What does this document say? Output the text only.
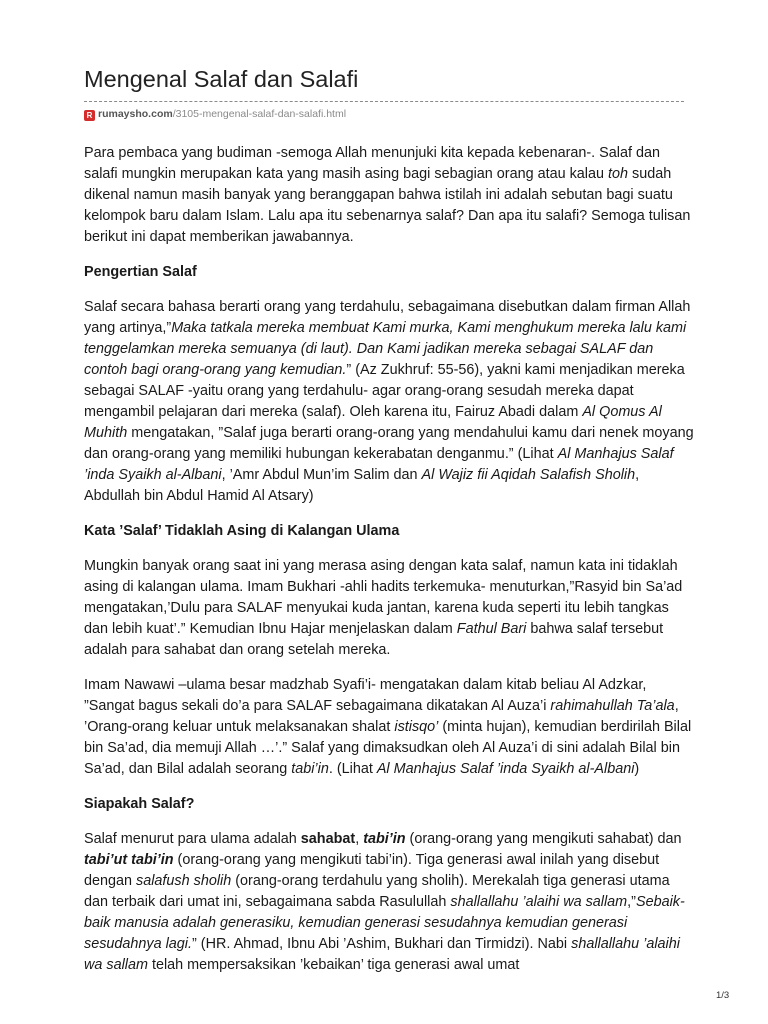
Mengenal Salaf dan Salafi
R rumaysho.com/3105-mengenal-salaf-dan-salafi.html

Para pembaca yang budiman -semoga Allah menunjuki kita kepada kebenaran-. Salaf dan salafi mungkin merupakan kata yang masih asing bagi sebagian orang atau kalau toh sudah dikenal namun masih banyak yang beranggapan bahwa istilah ini adalah sebutan bagi suatu kelompok baru dalam Islam. Lalu apa itu sebenarnya salaf? Dan apa itu salafi? Semoga tulisan berikut ini dapat memberikan jawabannya.

Pengertian Salaf

Salaf secara bahasa berarti orang yang terdahulu, sebagaimana disebutkan dalam firman Allah yang artinya,”Maka tatkala mereka membuat Kami murka, Kami menghukum mereka lalu kami tenggelamkan mereka semuanya (di laut). Dan Kami jadikan mereka sebagai SALAF dan contoh bagi orang-orang yang kemudian.” (Az Zukhruf: 55-56), yakni kami menjadikan mereka sebagai SALAF -yaitu orang yang terdahulu- agar orang-orang sesudah mereka dapat mengambil pelajaran dari mereka (salaf). Oleh karena itu, Fairuz Abadi dalam Al Qomus Al Muhith mengatakan, ”Salaf juga berarti orang-orang yang mendahului kamu dari nenek moyang dan orang-orang yang memiliki hubungan kekerabatan denganmu.” (Lihat Al Manhajus Salaf ’inda Syaikh al-Albani, ’Amr Abdul Mun’im Salim dan Al Wajiz fii Aqidah Salafish Sholih, Abdullah bin Abdul Hamid Al Atsary)

Kata ’Salaf’ Tidaklah Asing di Kalangan Ulama

Mungkin banyak orang saat ini yang merasa asing dengan kata salaf, namun kata ini tidaklah asing di kalangan ulama. Imam Bukhari -ahli hadits terkemuka- menuturkan,”Rasyid bin Sa’ad mengatakan,’Dulu para SALAF menyukai kuda jantan, karena kuda seperti itu lebih tangkas dan lebih kuat’.” Kemudian Ibnu Hajar menjelaskan dalam Fathul Bari bahwa salaf tersebut adalah para sahabat dan orang setelah mereka.

Imam Nawawi –ulama besar madzhab Syafi’i- mengatakan dalam kitab beliau Al Adzkar, ”Sangat bagus sekali do’a para SALAF sebagaimana dikatakan Al Auza’i rahimahullah Ta’ala, ’Orang-orang keluar untuk melaksanakan shalat istisqo’ (minta hujan), kemudian berdirilah Bilal bin Sa’ad, dia memuji Allah …’.” Salaf yang dimaksudkan oleh Al Auza’i di sini adalah Bilal bin Sa’ad, dan Bilal adalah seorang tabi’in. (Lihat Al Manhajus Salaf ’inda Syaikh al-Albani)

Siapakah Salaf?

Salaf menurut para ulama adalah sahabat, tabi’in (orang-orang yang mengikuti sahabat) dan tabi’ut tabi’in (orang-orang yang mengikuti tabi’in). Tiga generasi awal inilah yang disebut dengan salafush sholih (orang-orang terdahulu yang sholih). Merekalah tiga generasi utama dan terbaik dari umat ini, sebagaimana sabda Rasulullah shallallahu ’alaihi wa sallam,”Sebaik-baik manusia adalah generasiku, kemudian generasi sesudahnya kemudian generasi sesudahnya lagi.” (HR. Ahmad, Ibnu Abi ’Ashim, Bukhari dan Tirmidzi). Nabi shallallahu ’alaihi wa sallam telah mempersaksikan ’kebaikan’ tiga generasi awal umat

1/3
